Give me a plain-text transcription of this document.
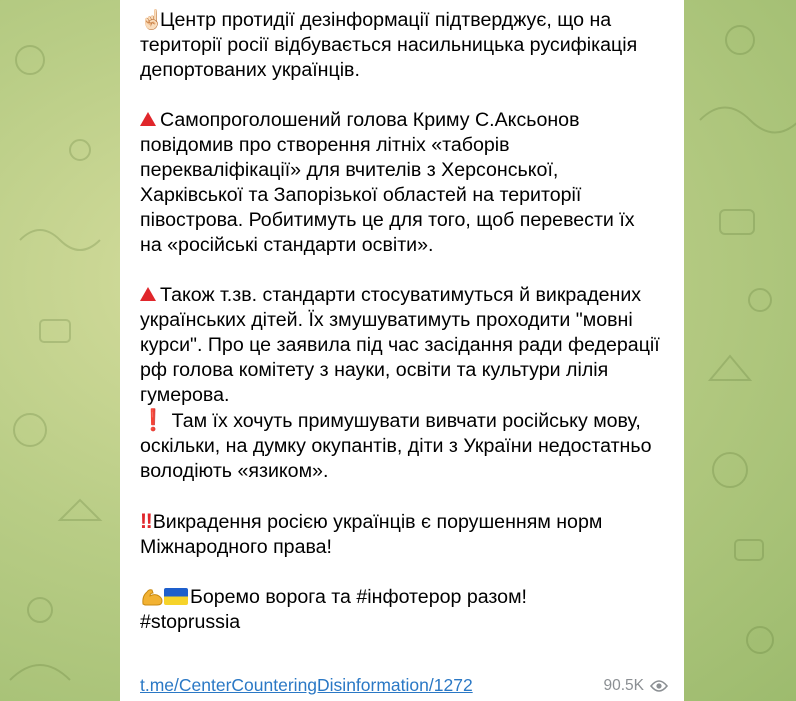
☝🏻Центр протидії дезінформації підтверджує, що на території росії відбувається насильницька русифікація депортованих українців.

Самопроголошений голова Криму С.Аксьонов повідомив про створення літніх «таборів перекваліфікації» для вчителів з Херсонської, Харківської та Запорізької областей на території півострова. Робитимуть це для того, щоб перевести їх на «російські стандарти освіти».

Також т.зв. стандарти стосуватимуться й викрадених українських дітей. Їх змушуватимуть проходити "мовні курси". Про це заявила під час засідання ради федерації рф голова комітету з науки, освіти та культури лілія гумерова.

❗ Там їх хочуть примушувати вивчати російську мову, оскільки, на думку окупантів, діти з України недостатньо володіють «язиком».

‼Викрадення росією українців є порушенням норм Міжнародного права!

Боремо ворога та #інфотерор разом!
#stoprussia

t.me/CenterCounteringDisinformation/1272	90.5K
